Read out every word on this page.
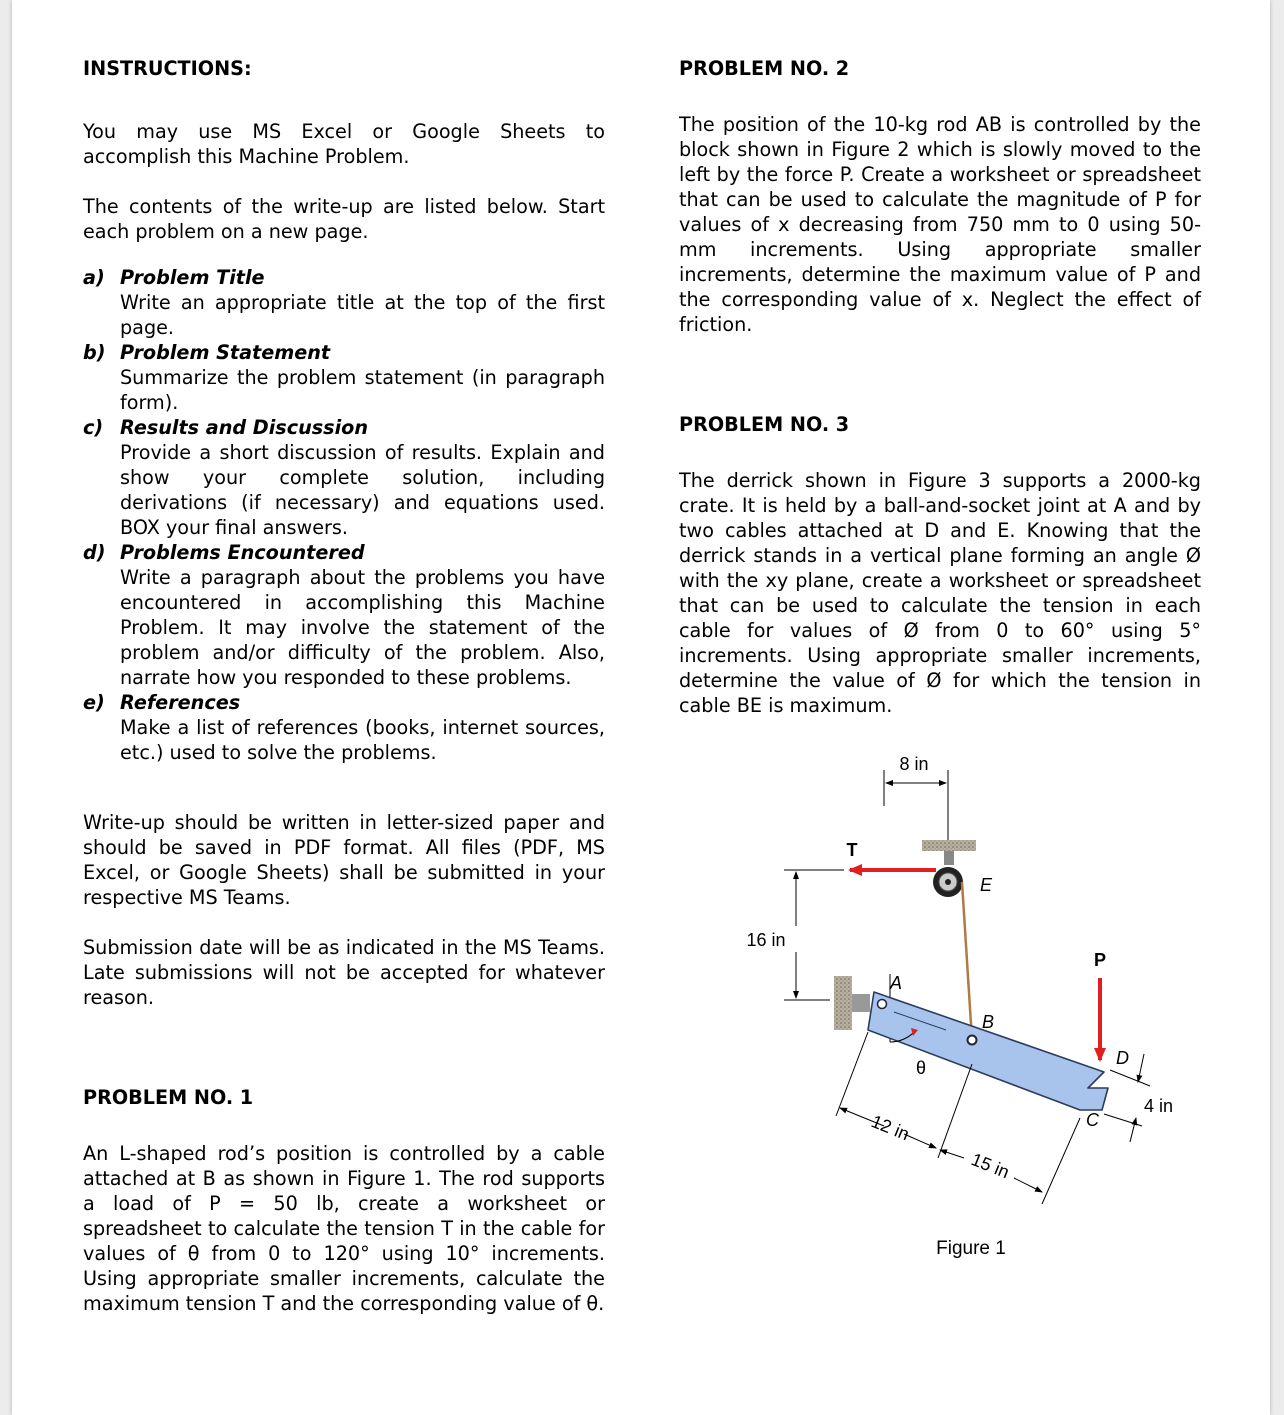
INSTRUCTIONS:

You may use MS Excel or Google Sheets to accomplish this Machine Problem.

The contents of the write-up are listed below. Start each problem on a new page.

a) Problem Title

Write an appropriate title at the top of the first page.

b) Problem Statement

Summarize the problem statement (in paragraph form).

c) Results and Discussion

Provide a short discussion of results. Explain and show your complete solution, including derivations (if necessary) and equations used. BOX your final answers.

d) Problems Encountered

Write a paragraph about the problems you have encountered in accomplishing this Machine Problem. It may involve the statement of the problem and/or difficulty of the problem. Also, narrate how you responded to these problems.

e) References

Make a list of references (books, internet sources, etc.) used to solve the problems.

Write-up should be written in letter-sized paper and should be saved in PDF format. All files (PDF, MS Excel, or Google Sheets) shall be submitted in your respective MS Teams.

Submission date will be as indicated in the MS Teams. Late submissions will not be accepted for whatever reason.

PROBLEM NO. 1

An L-shaped rod’s position is controlled by a cable attached at B as shown in Figure 1. The rod supports a load of P = 50 lb, create a worksheet or spreadsheet to calculate the tension T in the cable for values of θ from 0 to 120° using 10° increments. Using appropriate smaller increments, calculate the maximum tension T and the corresponding value of θ.

PROBLEM NO. 2

The position of the 10-kg rod AB is controlled by the block shown in Figure 2 which is slowly moved to the left by the force P. Create a worksheet or spreadsheet that can be used to calculate the magnitude of P for values of x decreasing from 750 mm to 0 using 50-mm increments. Using appropriate smaller increments, determine the maximum value of P and the corresponding value of x. Neglect the effect of friction.

PROBLEM NO. 3

The derrick shown in Figure 3 supports a 2000-kg crate. It is held by a ball-and-socket joint at A and by two cables attached at D and E. Knowing that the derrick stands in a vertical plane forming an angle Ø with the xy plane, create a worksheet or spreadsheet that can be used to calculate the tension in each cable for values of Ø from 0 to 60° using 5° increments. Using appropriate smaller increments, determine the value of Ø for which the tension in cable BE is maximum.

8 in
16 in
E
T
A
B
θ
P
D
C
4 in
12 in
15 in
Figure 1
